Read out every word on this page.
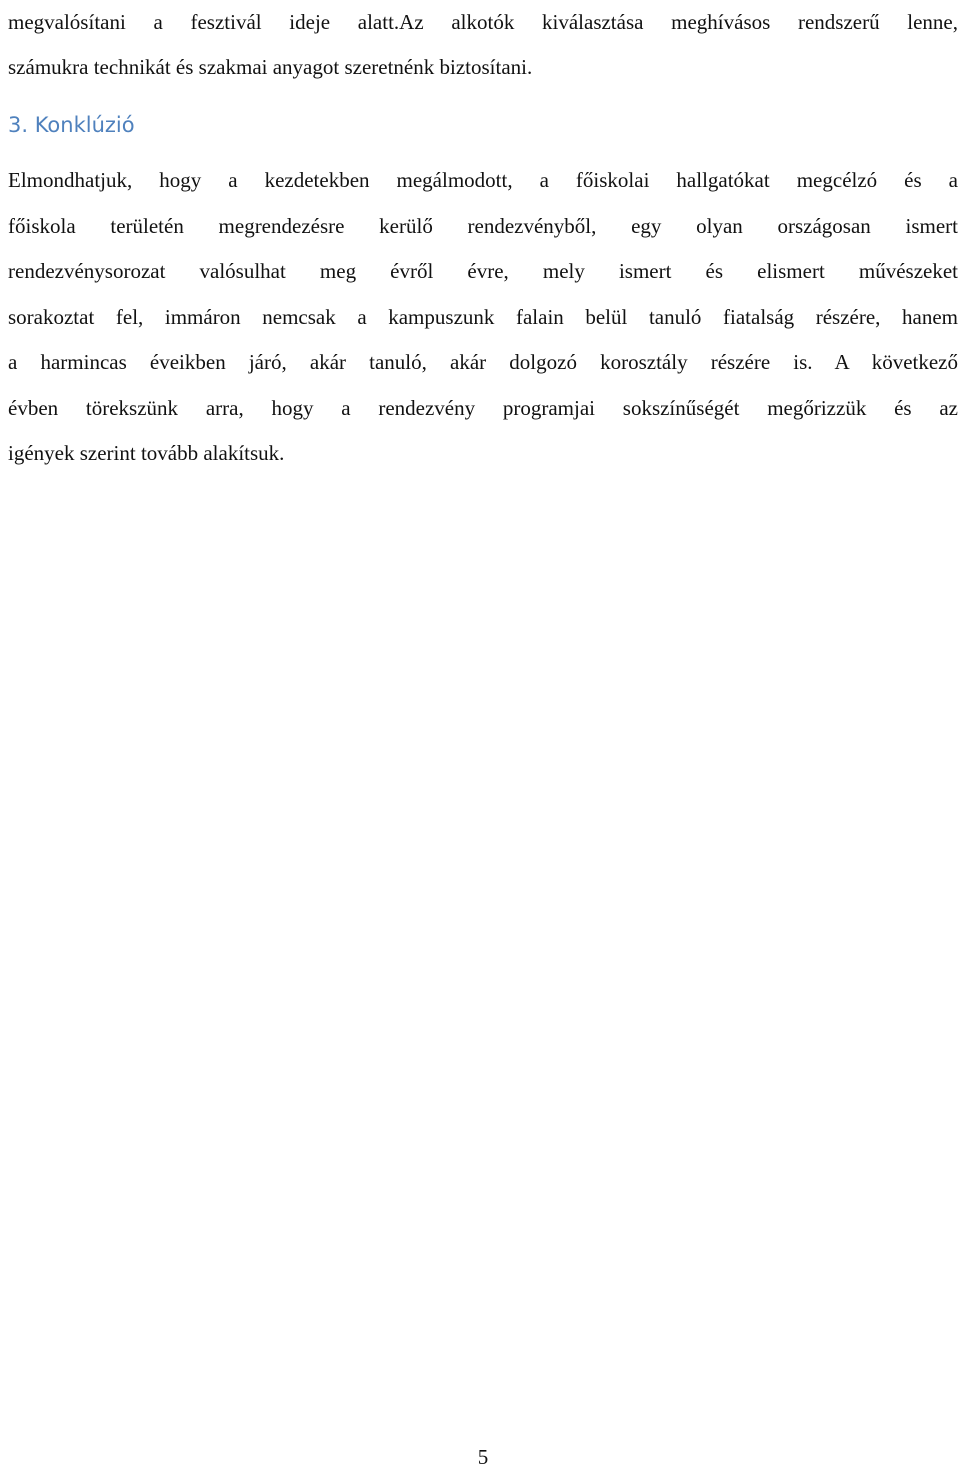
megvalósítani a fesztivál ideje alatt.Az alkotók kiválasztása meghívásos rendszerű lenne,
számukra technikát és szakmai anyagot szeretnénk biztosítani.

3. Konklúzió

Elmondhatjuk, hogy a kezdetekben megálmodott, a főiskolai hallgatókat megcélzó és a
főiskola területén megrendezésre kerülő rendezvényből, egy olyan országosan ismert
rendezvénysorozat valósulhat meg évről évre, mely ismert és elismert művészeket
sorakoztat fel, immáron nemcsak a kampuszunk falain belül tanuló fiatalság részére, hanem
a harmincas éveikben járó, akár tanuló, akár dolgozó korosztály részére is. A következő
évben törekszünk arra, hogy a rendezvény programjai sokszínűségét megőrizzük és az
igények szerint tovább alakítsuk.

5
